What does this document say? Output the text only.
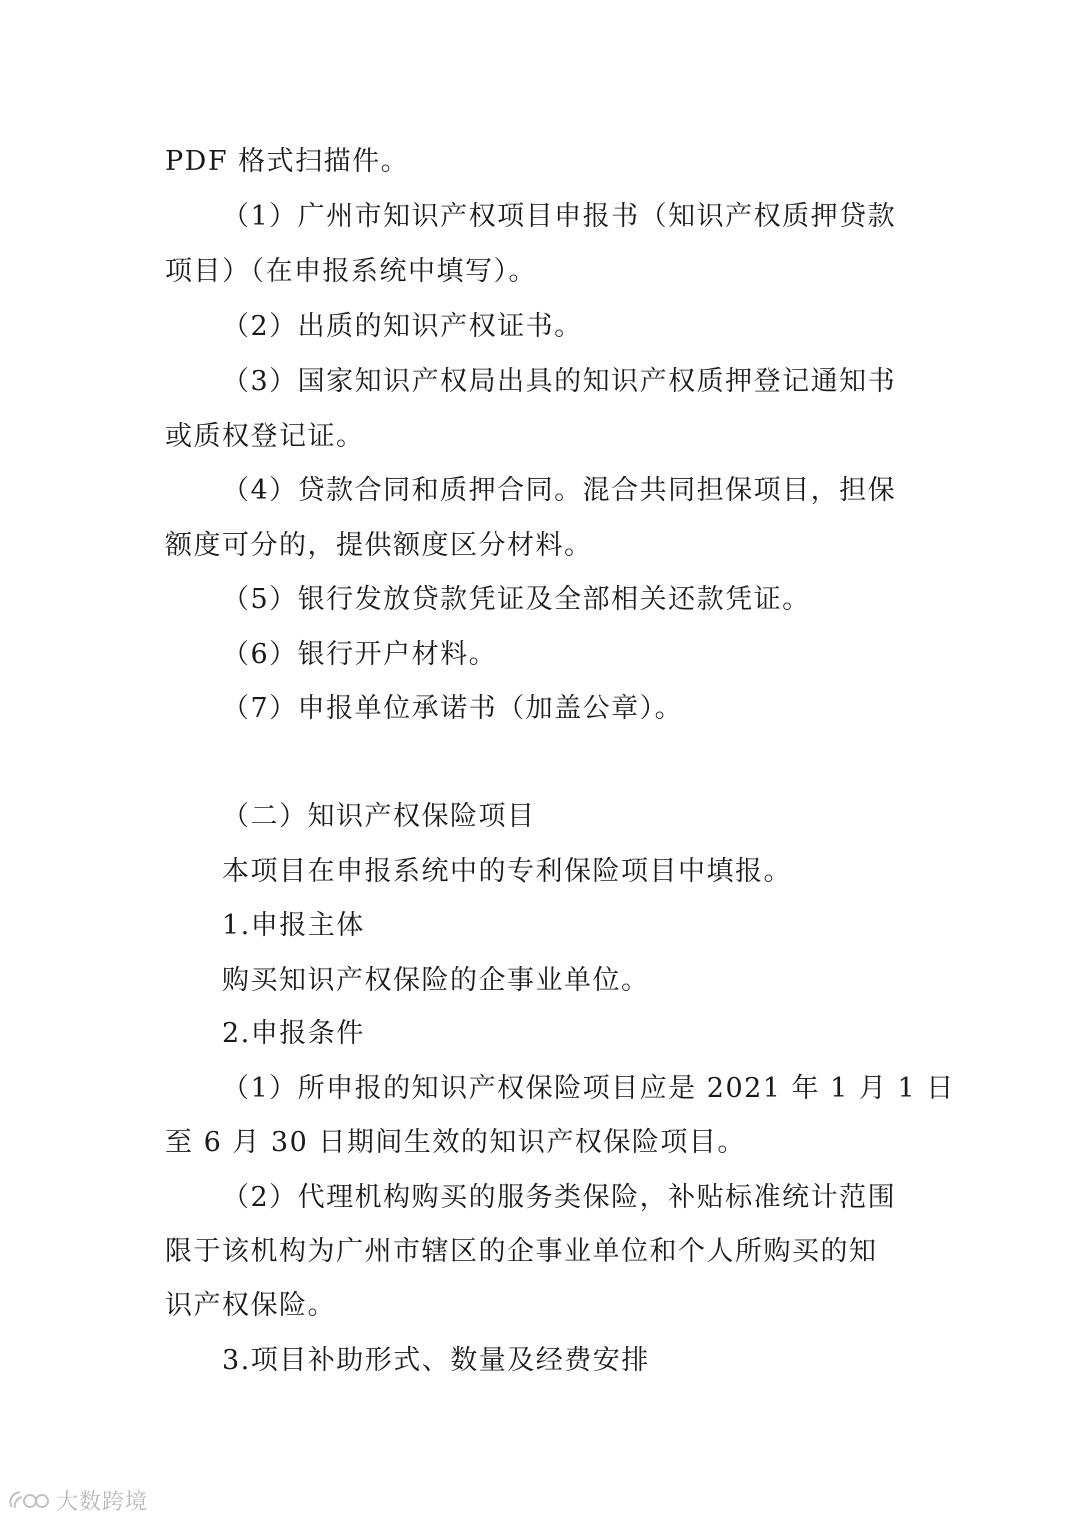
PDF 格式扫描件。
（1）广州市知识产权项目申报书（知识产权质押贷款
项目）（在申报系统中填写）。
（2）出质的知识产权证书。
（3）国家知识产权局出具的知识产权质押登记通知书
或质权登记证。
（4）贷款合同和质押合同。混合共同担保项目，担保
额度可分的，提供额度区分材料。
（5）银行发放贷款凭证及全部相关还款凭证。
（6）银行开户材料。
（7）申报单位承诺书（加盖公章）。
（二）知识产权保险项目
本项目在申报系统中的专利保险项目中填报。
1.申报主体
购买知识产权保险的企事业单位。
2.申报条件
（1）所申报的知识产权保险项目应是 2021 年 1 月 1 日
至 6 月 30 日期间生效的知识产权保险项目。
（2）代理机构购买的服务类保险，补贴标准统计范围
限于该机构为广州市辖区的企事业单位和个人所购买的知
识产权保险。
3.项目补助形式、数量及经费安排
大数跨境
